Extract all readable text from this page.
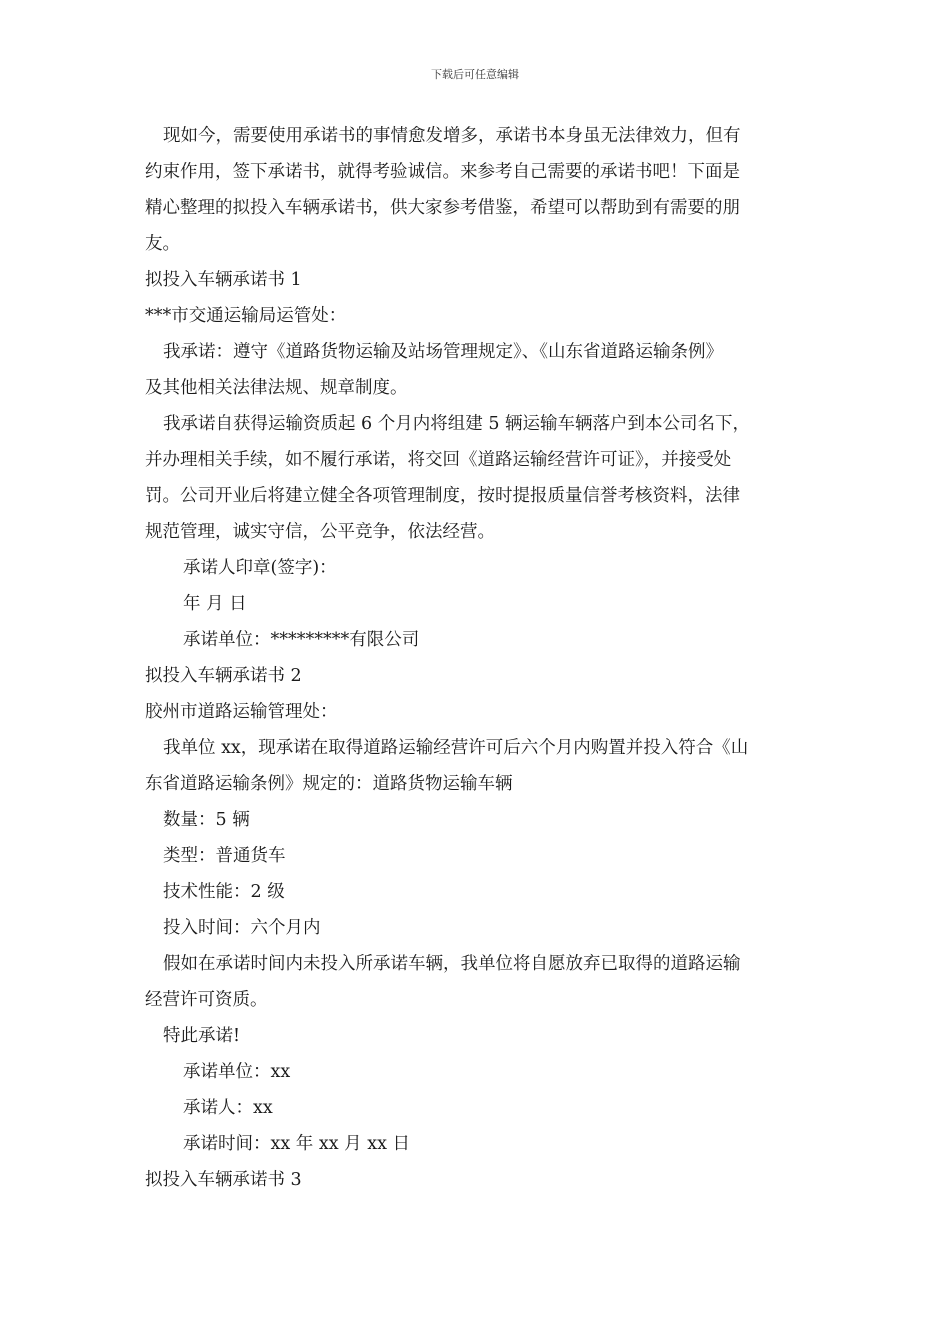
下载后可任意编辑

现如今，需要使用承诺书的事情愈发增多，承诺书本身虽无法律效力，但有

约束作用，签下承诺书，就得考验诚信。来参考自己需要的承诺书吧！下面是

精心整理的拟投入车辆承诺书，供大家参考借鉴，希望可以帮助到有需要的朋

友。

拟投入车辆承诺书 1

***市交通运输局运管处：

我承诺：遵守《道路货物运输及站场管理规定》、《山东省道路运输条例》

及其他相关法律法规、规章制度。

我承诺自获得运输资质起 6 个月内将组建 5 辆运输车辆落户到本公司名下，

并办理相关手续，如不履行承诺，将交回《道路运输经营许可证》，并接受处

罚。公司开业后将建立健全各项管理制度，按时提报质量信誉考核资料，法律

规范管理，诚实守信，公平竞争，依法经营。

承诺人印章(签字)：

年 月 日

承诺单位：*********有限公司

拟投入车辆承诺书 2

胶州市道路运输管理处：

我单位 xx，现承诺在取得道路运输经营许可后六个月内购置并投入符合《山

东省道路运输条例》规定的：道路货物运输车辆

数量：5 辆

类型：普通货车

技术性能：2 级

投入时间：六个月内

假如在承诺时间内未投入所承诺车辆，我单位将自愿放弃已取得的道路运输

经营许可资质。

特此承诺!

承诺单位：xx

承诺人：xx

承诺时间：xx 年 xx 月 xx 日

拟投入车辆承诺书 3
